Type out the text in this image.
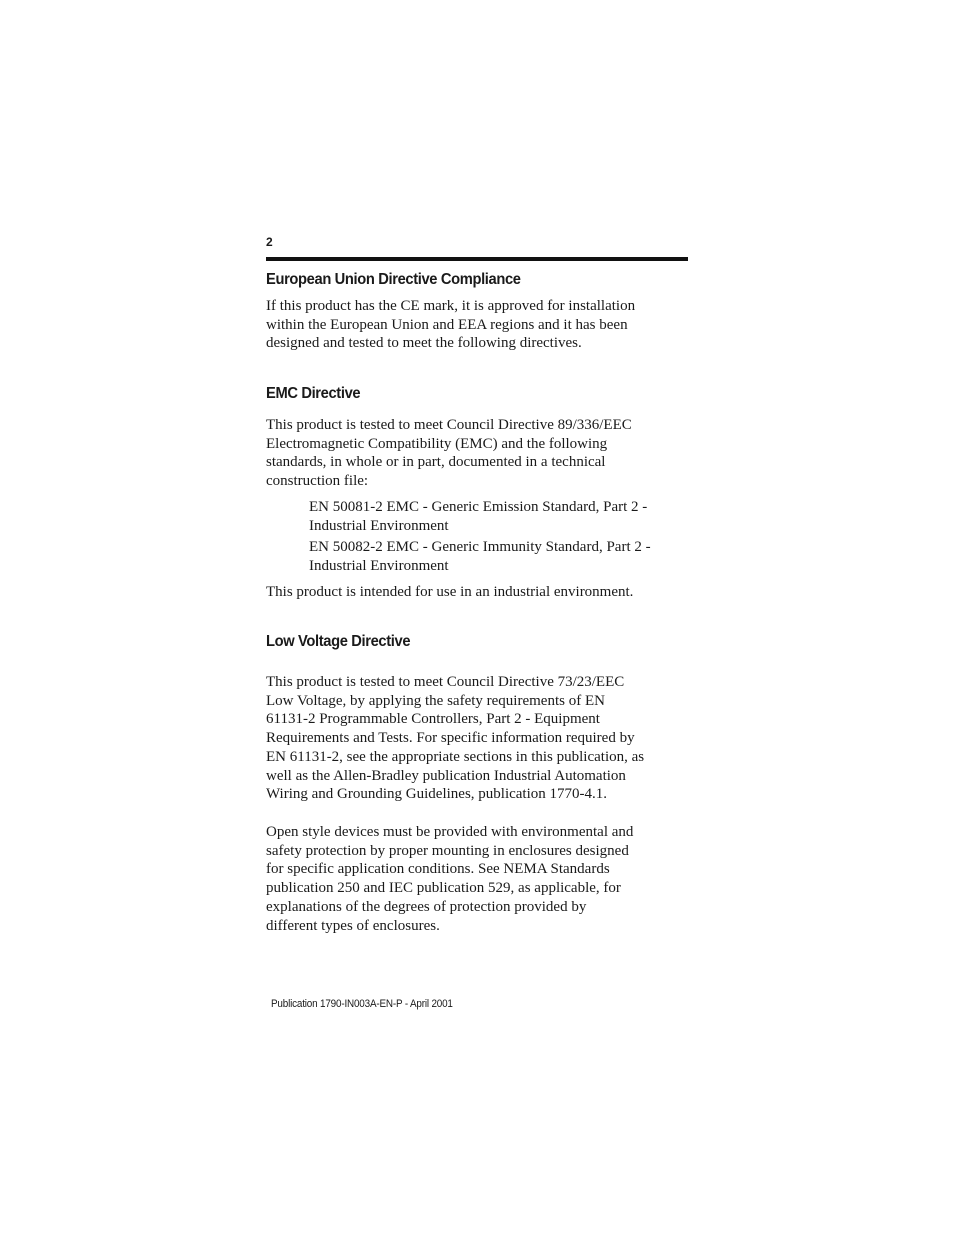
2
European Union Directive Compliance

If this product has the CE mark, it is approved for installation
within the European Union and EEA regions and it has been
designed and tested to meet the following directives.

EMC Directive

This product is tested to meet Council Directive 89/336/EEC
Electromagnetic Compatibility (EMC) and the following
standards, in whole or in part, documented in a technical
construction file:

EN 50081-2 EMC - Generic Emission Standard, Part 2 -
Industrial Environment

EN 50082-2 EMC - Generic Immunity Standard, Part 2 -
Industrial Environment

This product is intended for use in an industrial environment.

Low Voltage Directive

This product is tested to meet Council Directive 73/23/EEC
Low Voltage, by applying the safety requirements of EN
61131-2 Programmable Controllers, Part 2 - Equipment
Requirements and Tests. For specific information required by
EN 61131-2, see the appropriate sections in this publication, as
well as the Allen-Bradley publication Industrial Automation
Wiring and Grounding Guidelines, publication 1770-4.1.

Open style devices must be provided with environmental and
safety protection by proper mounting in enclosures designed
for specific application conditions. See NEMA Standards
publication 250 and IEC publication 529, as applicable, for
explanations of the degrees of protection provided by
different types of enclosures.

Publication 1790-IN003A-EN-P - April 2001
